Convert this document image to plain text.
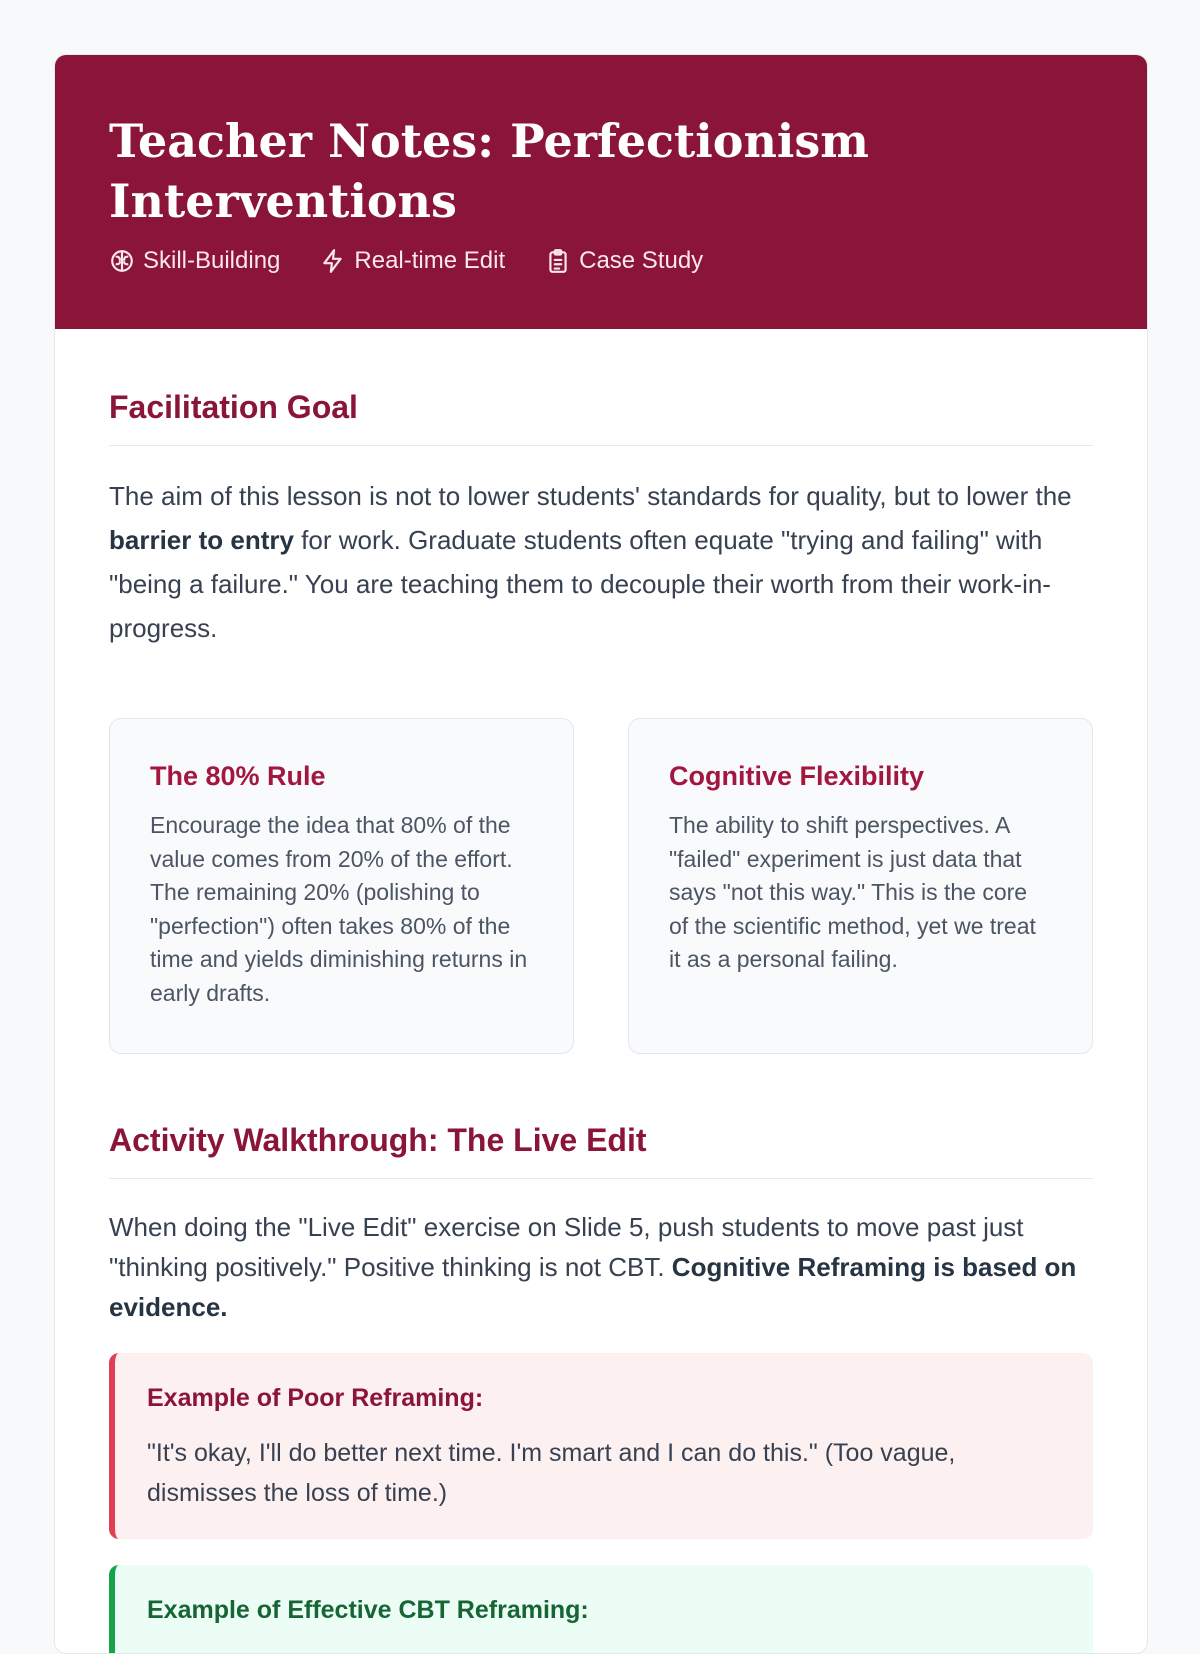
Teacher Notes: Perfectionism Interventions
Skill-Building	Real-time Edit	Case Study
Facilitation Goal

The aim of this lesson is not to lower students' standards for quality, but to lower the barrier to entry for work. Graduate students often equate "trying and failing" with "being a failure." You are teaching them to decouple their worth from their work-in-progress.

The 80% Rule

Encourage the idea that 80% of the value comes from 20% of the effort. The remaining 20% (polishing to "perfection") often takes 80% of the time and yields diminishing returns in early drafts.

Cognitive Flexibility

The ability to shift perspectives. A "failed" experiment is just data that says "not this way." This is the core of the scientific method, yet we treat it as a personal failing.

Activity Walkthrough: The Live Edit

When doing the "Live Edit" exercise on Slide 5, push students to move past just "thinking positively." Positive thinking is not CBT. Cognitive Reframing is based on evidence.

Example of Poor Reframing:

"It's okay, I'll do better next time. I'm smart and I can do this." (Too vague, dismisses the loss of time.)

Example of Effective CBT Reframing:
